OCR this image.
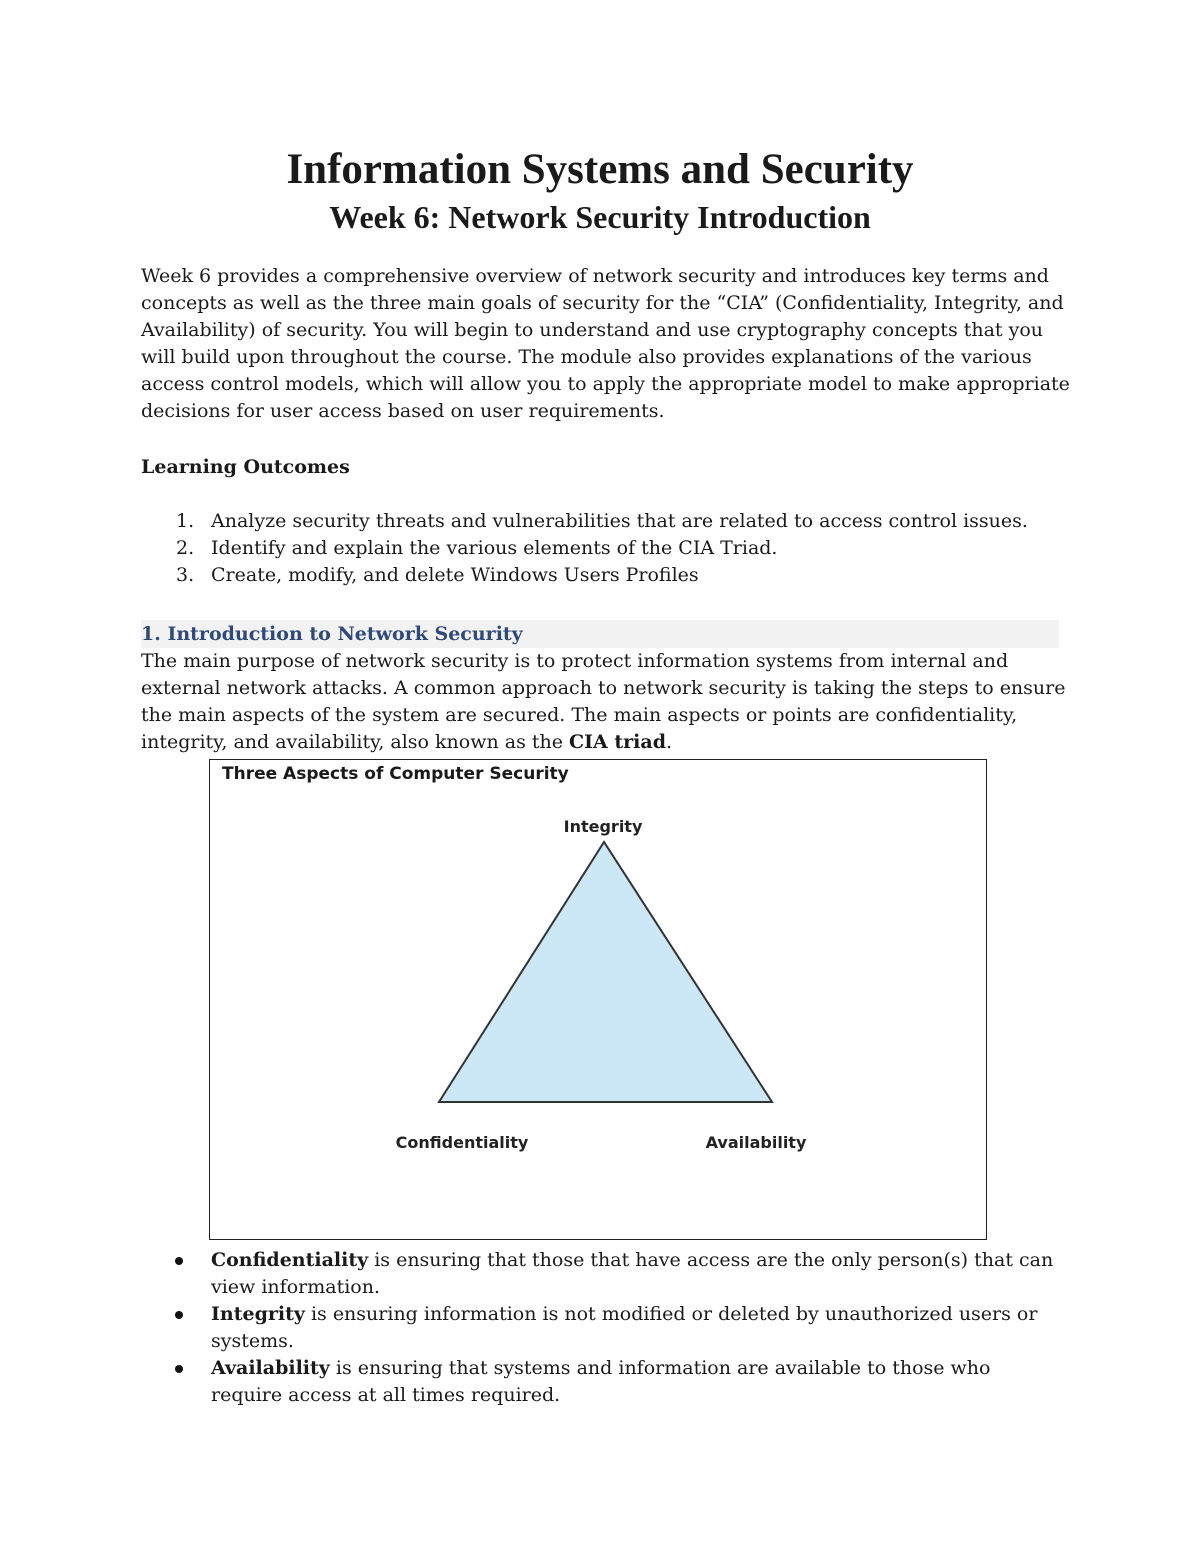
Information Systems and Security
Week 6: Network Security Introduction

Week 6 provides a comprehensive overview of network security and introduces key terms and concepts as well as the three main goals of security for the “CIA” (Confidentiality, Integrity, and Availability) of security. You will begin to understand and use cryptography concepts that you will build upon throughout the course. The module also provides explanations of the various access control models, which will allow you to apply the appropriate model to make appropriate decisions for user access based on user requirements.

Learning Outcomes
1. Analyze security threats and vulnerabilities that are related to access control issues.
2. Identify and explain the various elements of the CIA Triad.
3. Create, modify, and delete Windows Users Profiles
1. Introduction to Network Security

The main purpose of network security is to protect information systems from internal and external network attacks. A common approach to network security is taking the steps to ensure the main aspects of the system are secured. The main aspects or points are confidentiality, integrity, and availability, also known as the CIA triad.

Three Aspects of Computer Security
Integrity
Confidentiality	Availability
Confidentiality is ensuring that those that have access are the only person(s) that can view information.
Integrity is ensuring information is not modified or deleted by unauthorized users or systems.
Availability is ensuring that systems and information are available to those who require access at all times required.
